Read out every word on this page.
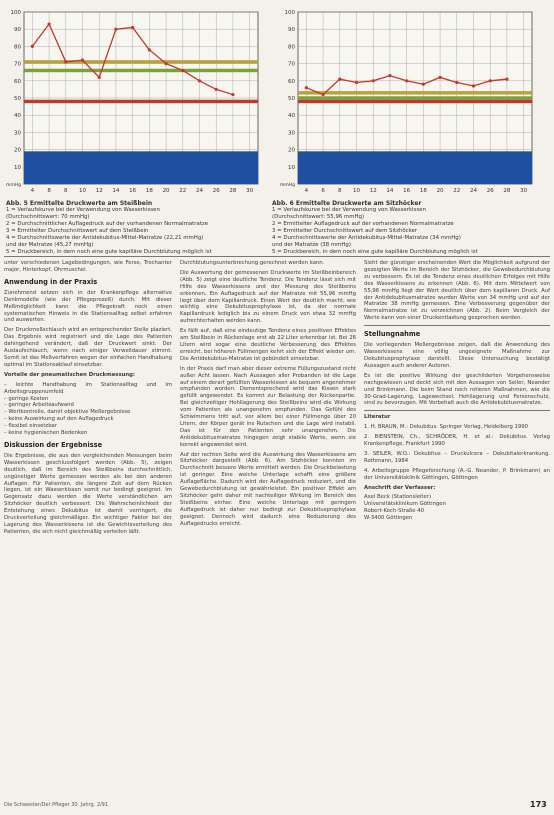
100
90
80
70
60
50
40
30
20
10
mmHg
4 8 8 10 12 14 16 18 20 22 24 26 28 30
100
90
80
70
60
50
40
30
20
10
mmHg
4 6 8 10 12 14 16 18 20 22 24 26 28 30
Abb. 5 Ermittelte Druckwerte am Steißbein
1 = Verlaufskurve bei der Verwendung von Wasserkissen
(Durchschnittswert: 70 mmHg)
2 = Durchschnittlicher Auflagedruck auf der vorhandenen Normalmatratze
3 = Ermittelter Durchschnittswert auf dem Steißbein
4 = Durchschnittswerte der Antidekubitus-Mittel-Matratze (22,21 mmHg)
und der Matratze (45,27 mmHg)
5 = Druckbereich, in dem noch eine gute kapilläre Durchblutung möglich ist
Abb. 6 Ermittelte Druckwerte am Sitzhöcker
1 = Verlaufskurve bei der Verwendung von Wasserkissen
(Durchschnittswert: 55,96 mmHg)
2 = Ermittelter Auflagedruck auf der vorhandenen Normalmatratze
3 = Ermittelter Durchschnittswert auf dem Sitzhöcker
4 = Durchschnittswerte der Antidekubitus-Mittel-Matratze (34 mmHg)
und der Matratze (38 mmHg)
5 = Druckbereich, in dem noch eine gute kapilläre Durchblutung möglich ist
unter verschiedenen Lagebedingungen, wie Ferse, Trochanter major, Hinterkopf, Ohrmuschel.
Anwendung in der Praxis
Zunehmend setzen sich in der Krankenpflege alternative Denkmodelle (wie der Pflegeprozeß) durch. Mit dieser Meßmöglichkeit kann die Pflegekraft noch einen systematischen Hinweis in die Stationsalltag selbst erfahren und auswerten.
Der Druckmeßschlauch wird an entsprechender Stelle plaziert. Das Ergebnis wird registriert und die Lage des Patienten dahingehend verändert, daß der Druckwert sinkt. Der Auslaufschlauch, wenn nach einiger Verweildauer stimmt. Somit ist das Meßverfahren wegen der einfachen Handhabung optimal im Stationsablauf einsetzbar.
Vorteile der pneumatischen Druckmessung:
– leichte Handhabung im Stationsalltag und im Arbeitsgruppenumfeld
– geringe Kosten
– geringer Arbeitsaufwand
– Wertkontrolle, damit objektive Meßergebnisse
– keine Auswirkung auf den Auflagedruck
– flexibel einsetzbar
– keine hygienischen Bedenken
Diskussion der Ergebnisse
Die Ergebnisse, die aus den vergleichenden Messungen beim Wasserkissen geschlussfolgert werden (Abb. 5), zeigen deutlich, daß im Bereich des Steißbeins durchschnittlich, ungünstiger Werte gemessen werden als bei den anderen Auflagen. Für Patienten, die längere Zeit auf dem Rücken liegen, ist ein Wasserkissen somit nur bedingt geeignet. Im Gegensatz dazu werden die Werte verständlichen am Sitzhöcker deutlich verbessert. Die Wahrscheinlichkeit der Entstehung eines Dekubitus ist damit verringert, die Druckverteilung gleichmäßiger. Ein wichtiger Faktor bei der Lagerung des Wasserkissens ist die Gewichtsverteilung des Patienten, die sich nicht gleichmäßig verteilen läßt.
Durchblutungsunterbrechung gerechnet werden kann.
Die Auswertung der gemessenen Druckwerte im Steißbeinbereich (Abb. 5) zeigt eine deutliche Tendenz. Die Tendenz lässt sich mit Hilfe des Wasserkissens und der Messung des Steißbeins erkennen. Ein Auflagedruck auf der Matratze mit 55,96 mmHg liegt über dem Kapillardruck. Einen Wert der deutlich macht, wie wichtig eine Dekubitusprophylaxe ist, da der normale Kapillardruck lediglich bis zu einem Druck von etwa 32 mmHg aufrechterhalten werden kann.
Es fällt auf, daß eine eindeutige Tendenz eines positiven Effektes am Steißbein in Rückenlage erst ab 22 Liter erkennbar ist. Bei 26 Litern wird sogar eine deutliche Verbesserung des Effektes erreicht, bei höheren Füllmengen kehrt sich der Effekt wieder um. Die Antidekubitus-Matratze ist gebündelt einsetzbar.
In der Praxis darf man aber dieser extreme Füllungszustand nicht außer Acht lassen. Nach Aussagen aller Probanden ist die Lage auf einem derart gefüllten Wasserkissen als bequem angenehmer empfunden worden. Dementsprechend wird das Kissen stark gefüllt angewendet. Es kommt zur Belastung der Rückenpartie. Bei gleichzeitiger Hohllagerung des Steißbeins wird die Wirkung vom Patienten als unangenehm empfunden. Das Gefühl des Schwimmens tritt auf, vor allem bei einer Füllmenge über 20 Litern, der Körper gerät ins Rutschen und die Lage wird instabil. Das ist für den Patienten sehr unangenehm. Die Antidekubitusmatratze hingegen zeigt stabile Werte, wenn sie korrekt angewendet wird.
Auf der rechten Seite wird die Auswirkung des Wasserkissens am Sitzhöcker dargestellt (Abb. 6). Am Sitzhöcker konnten im Durchschnitt bessere Werte ermittelt werden. Die Druckbelastung ist geringer. Eine weiche Unterlage schafft eine größere Auflagefläche. Dadurch wird der Auflagedruck reduziert, und die Gewebedurchblutung ist gewährleistet. Ein positiver Effekt am Sitzhöcker geht daher mit nachteiliger Wirkung im Bereich des Steißbeins einher. Eine weiche Unterlage mit geringem Auflagedruck ist daher nur bedingt zur Dekubitusprophylaxe geeignet. Dennoch wird dadurch eine Reduzierung des Auflagedrucks erreicht.
Sieht der günstiger erscheinenden Wert die Möglichkeit aufgrund der gezeigten Werte im Bereich der Sitzhöcker, die Gewebedurchblutung zu verbessern. Es ist die Tendenz eines deutlichen Erfolges mit Hilfe des Wasserkissens zu erkennen (Abb. 6). Mit dem Mittelwert von 55,96 mmHg liegt der Wert deutlich über dem kapillaren Druck. Auf der Antidekubitusmatratze wurden Werte von 34 mmHg und auf der Matratze 38 mmHg gemessen. Eine Verbesserung gegenüber der Normalmatratze ist zu verzeichnen (Abb. 2). Beim Vergleich der Werte kann von einer Druckentlastung gesprochen werden.
Stellungnahme
Die vorliegenden Meßergebnisse zeigen, daß die Anwendung des Wasserkissens eine völlig ungeeignete Maßnahme zur Dekubitusprophylaxe darstellt. Diese Untersuchung bestätigt Aussagen auch anderer Autoren.
Es ist die positive Wirkung der geschilderten Vorgehensweise nachgewiesen und deckt sich mit den Aussagen von Seiler, Neander und Brinkmann. Die beim Stand noch rotieren Maßnahmen, wie die 30-Grad-Lagerung, Lagewechsel, Hohllagerung und Fersenschutz, sind zu bevorzugen. Mit Vorbehalt auch die Antidekubitusmatratze.
Literatur
1. H. BRAUN, M.: Dekubitus. Springer Verlag, Heidelberg 1990
2. BIENSTEIN, Ch., SCHRÖDER, H. et al.: Dekubitus. Verlag Krankenpflege, Frankfurt 1990
3. SEILER, W.O.: Dekubitus – Druckulcera – Dekubitalerkrankung. Rothmann, 1984
4. Arbeitsgruppe Pflegeforschung (A.-G. Neander, P. Brinkmann) an der Universitätsklinik Göttingen, Göttingen
Anschrift der Verfasser:
Axel Beck (Stationsleiter)
Universitätsklinikum Göttingen
Robert-Koch-Straße 40
W-3400 Göttingen
Die Schwester/Der Pfleger 30. Jahrg. 2/91	173
